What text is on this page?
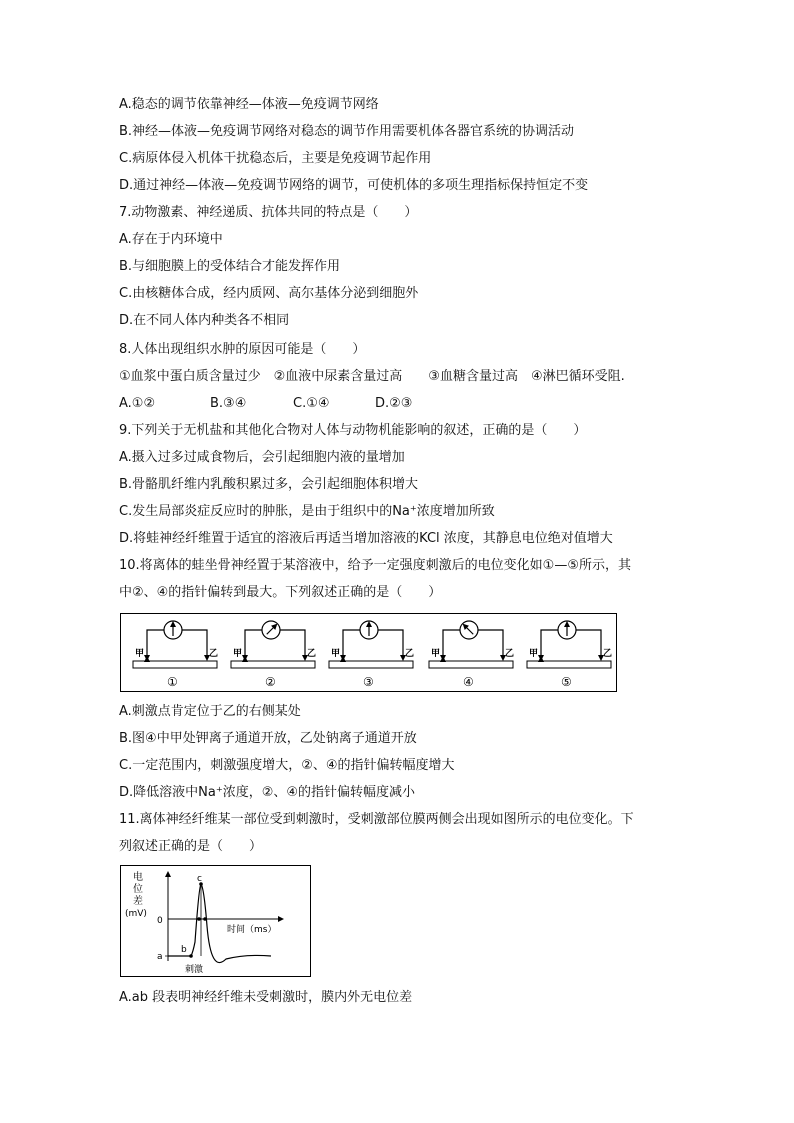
A.稳态的调节依靠神经—体液—免疫调节网络
B.神经—体液—免疫调节网络对稳态的调节作用需要机体各器官系统的协调活动
C.病原体侵入机体干扰稳态后，主要是免疫调节起作用
D.通过神经—体液—免疫调节网络的调节，可使机体的多项生理指标保持恒定不变
7.动物激素、神经递质、抗体共同的特点是（　　）
A.存在于内环境中
B.与细胞膜上的受体结合才能发挥作用
C.由核糖体合成，经内质网、高尔基体分泌到细胞外
D.在不同人体内种类各不相同
8.人体出现组织水肿的原因可能是（　　）
①血浆中蛋白质含量过少　②血液中尿素含量过高　　③血糖含量过高　④淋巴循环受阻.
A.①②	B.③④	C.①④	D.②③
9.下列关于无机盐和其他化合物对人体与动物机能影响的叙述，正确的是（　　）
A.摄入过多过咸食物后，会引起细胞内液的量增加
B.骨骼肌纤维内乳酸积累过多，会引起细胞体积增大
C.发生局部炎症反应时的肿胀，是由于组织中的Na⁺浓度增加所致
D.将蛙神经纤维置于适宜的溶液后再适当增加溶液的KCl 浓度，其静息电位绝对值增大
10.将离体的蛙坐骨神经置于某溶液中，给予一定强度刺激后的电位变化如①—⑤所示，其
中②、④的指针偏转到最大。下列叙述正确的是（　　）
甲	乙
①
甲	乙
②
甲	乙
③
甲	乙
④
甲	乙
⑤
A.刺激点肯定位于乙的右侧某处
B.图④中甲处钾离子通道开放，乙处钠离子通道开放
C.一定范围内，刺激强度增大，②、④的指针偏转幅度增大
D.降低溶液中Na⁺浓度，②、④的指针偏转幅度减小
11.离体神经纤维某一部位受到刺激时，受刺激部位膜两侧会出现如图所示的电位变化。下
列叙述正确的是（　　）
电
位
差
(mV)
0
时间（ms）
a
b
c
刺激
A.ab 段表明神经纤维未受刺激时，膜内外无电位差
